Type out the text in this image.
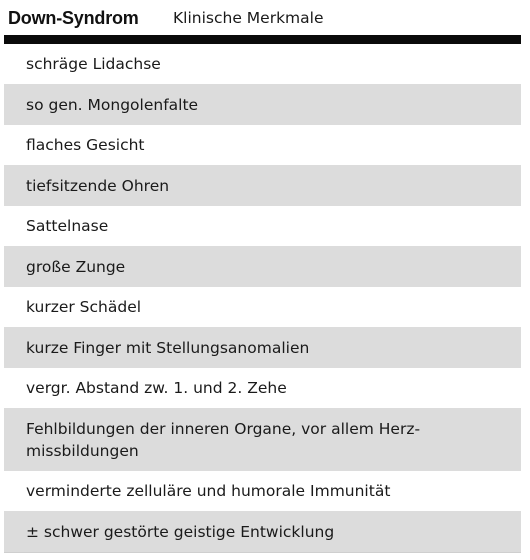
Down-Syndrom Klinische Merkmale
schräge Lidachse
so gen. Mongolenfalte
flaches Gesicht
tiefsitzende Ohren
Sattelnase
große Zunge
kurzer Schädel
kurze Finger mit Stellungsanomalien
vergr. Abstand zw. 1. und 2. Zehe
Fehlbildungen der inneren Organe, vor allem Herz-missbildungen
verminderte zelluläre und humorale Immunität
± schwer gestörte geistige Entwicklung
